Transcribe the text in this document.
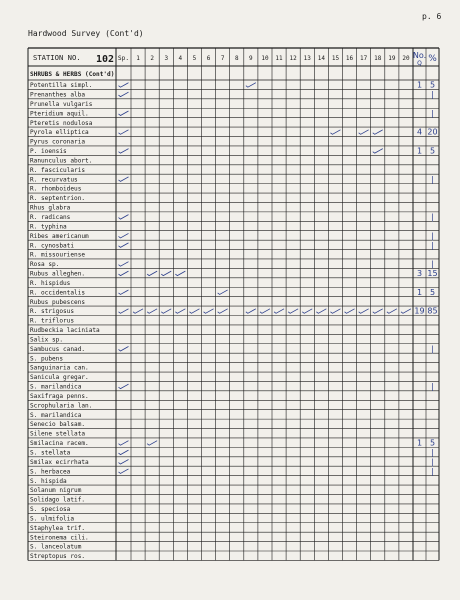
p. 6
Hardwood Survey (Cont'd)
STATION NO. 102 Sp. 1 2 3 4 5 6 7 8 9 10 11 12 13 14 15 16 17 18 19 20 No.
Q %
SHRUBS & HERBS (Cont'd)
Potentilla simpl.	1 5
Prenanthes alba	|
Prunella vulgaris
Pteridium aquil.	|
Pteretis nodulosa
Pyrola elliptica	4 20
Pyrus coronaria
P. ioensis	1 5
Ranunculus abort.
R. fascicularis
R. recurvatus	|
R. rhomboideus
R. septentrion.
Rhus glabra
R. radicans	|
R. typhina
Ribes americanum	|
R. cynosbati	|
R. missouriense
Rosa sp.	|
Rubus alleghen.	3 15
R. hispidus
R. occidentalis	1 5
Rubus pubescens
R. strigosus	19 85
R. triflorus
Rudbeckia laciniata
Salix sp.
Sambucus canad.	|
S. pubens
Sanguinaria can.
Sanicula gregar.
S. marilandica	|
Saxifraga penns.
Scrophularia lan.
S. marilandica
Senecio balsam.
Silene stellata
Smilacina racem.	1 5
S. stellata	|
Smilax ecirrhata	|
S. herbacea	|
S. hispida
Solanum nigrum
Solidago latif.
S. speciosa
S. ulmifolia
Staphylea trif.
Steironema cili.
S. lanceolatum
Streptopus ros.
